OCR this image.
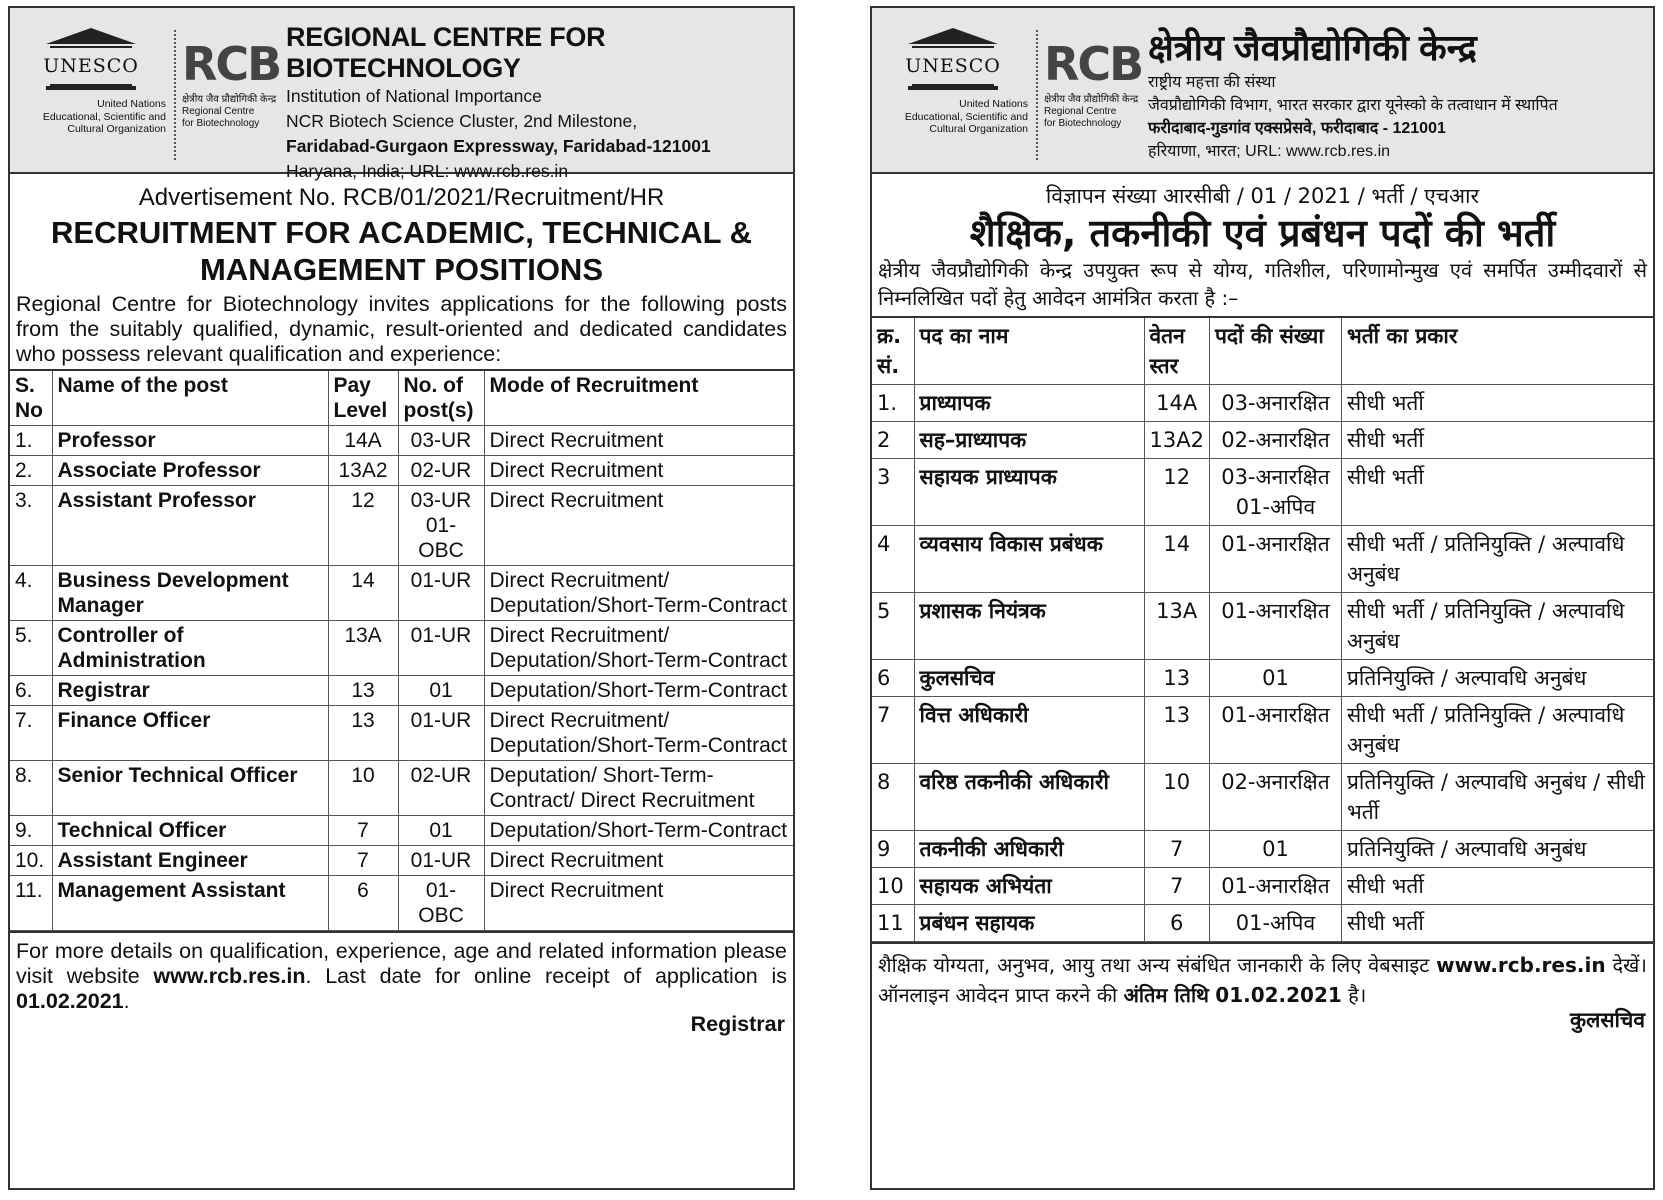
UNESCO
United Nations
Educational, Scientific and
Cultural Organization
RCB
क्षेत्रीय जैव प्रौद्योगिकी केन्द्र
Regional Centre
for Biotechnology
REGIONAL CENTRE FOR BIOTECHNOLOGY
Institution of National Importance
NCR Biotech Science Cluster, 2nd Milestone,
Faridabad-Gurgaon Expressway, Faridabad-121001
Haryana, India; URL: www.rcb.res.in
Advertisement No. RCB/01/2021/Recruitment/HR
RECRUITMENT FOR ACADEMIC, TECHNICAL &
MANAGEMENT POSITIONS
Regional Centre for Biotechnology invites applications for the following posts from the suitably qualified, dynamic, result-oriented and dedicated candidates who possess relevant qualification and experience:
S. No	Name of the post	Pay Level	No. of post(s)	Mode of Recruitment
1.	Professor	14A	03-UR	Direct Recruitment
2.	Associate Professor	13A2	02-UR	Direct Recruitment
3.	Assistant Professor	12	03-UR 01-OBC	Direct Recruitment
4.	Business Development Manager	14	01-UR	Direct Recruitment/ Deputation/Short-Term-Contract
5.	Controller of Administration	13A	01-UR	Direct Recruitment/ Deputation/Short-Term-Contract
6.	Registrar	13	01	Deputation/Short-Term-Contract
7.	Finance Officer	13	01-UR	Direct Recruitment/ Deputation/Short-Term-Contract
8.	Senior Technical Officer	10	02-UR	Deputation/ Short-Term-Contract/ Direct Recruitment
9.	Technical Officer	7	01	Deputation/Short-Term-Contract
10.	Assistant Engineer	7	01-UR	Direct Recruitment
11.	Management Assistant	6	01-OBC	Direct Recruitment
For more details on qualification, experience, age and related information please visit website www.rcb.res.in. Last date for online receipt of application is 01.02.2021.
Registrar
UNESCO
United Nations
Educational, Scientific and
Cultural Organization
RCB
क्षेत्रीय जैव प्रौद्योगिकी केन्द्र
Regional Centre
for Biotechnology
क्षेत्रीय जैवप्रौद्योगिकी केन्द्र
राष्ट्रीय महत्ता की संस्था
जैवप्रौद्योगिकी विभाग, भारत सरकार द्वारा यूनेस्को के तत्वाधान में स्थापित
फरीदाबाद-गुडगांव एक्सप्रेसवे, फरीदाबाद - 121001
हरियाणा, भारत; URL: www.rcb.res.in
विज्ञापन संख्या आरसीबी / 01 / 2021 / भर्ती / एचआर
शैक्षिक, तकनीकी एवं प्रबंधन पदों की भर्ती
क्षेत्रीय जैवप्रौद्योगिकी केन्द्र उपयुक्त रूप से योग्य, गतिशील, परिणामोन्मुख एवं समर्पित उम्मीदवारों से निम्नलिखित पदों हेतु आवेदन आमंत्रित करता है :–
क्र. सं.	पद का नाम	वेतन स्तर	पदों की संख्या	भर्ती का प्रकार
1.	प्राध्यापक	14A	03-अनारक्षित	सीधी भर्ती
2	सह–प्राध्यापक	13A2	02-अनारक्षित	सीधी भर्ती
3	सहायक प्राध्यापक	12	03-अनारक्षित 01-अपिव	सीधी भर्ती
4	व्यवसाय विकास प्रबंधक	14	01-अनारक्षित	सीधी भर्ती / प्रतिनियुक्ति / अल्पावधि अनुबंध
5	प्रशासक नियंत्रक	13A	01-अनारक्षित	सीधी भर्ती / प्रतिनियुक्ति / अल्पावधि अनुबंध
6	कुलसचिव	13	01	प्रतिनियुक्ति / अल्पावधि अनुबंध
7	वित्त अधिकारी	13	01-अनारक्षित	सीधी भर्ती / प्रतिनियुक्ति / अल्पावधि अनुबंध
8	वरिष्ठ तकनीकी अधिकारी	10	02-अनारक्षित	प्रतिनियुक्ति / अल्पावधि अनुबंध / सीधी भर्ती
9	तकनीकी अधिकारी	7	01	प्रतिनियुक्ति / अल्पावधि अनुबंध
10	सहायक अभियंता	7	01-अनारक्षित	सीधी भर्ती
11	प्रबंधन सहायक	6	01-अपिव	सीधी भर्ती
शैक्षिक योग्यता, अनुभव, आयु तथा अन्य संबंधित जानकारी के लिए वेबसाइट www.rcb.res.in देखें। ऑनलाइन आवेदन प्राप्त करने की अंतिम तिथि 01.02.2021 है।
कुलसचिव
